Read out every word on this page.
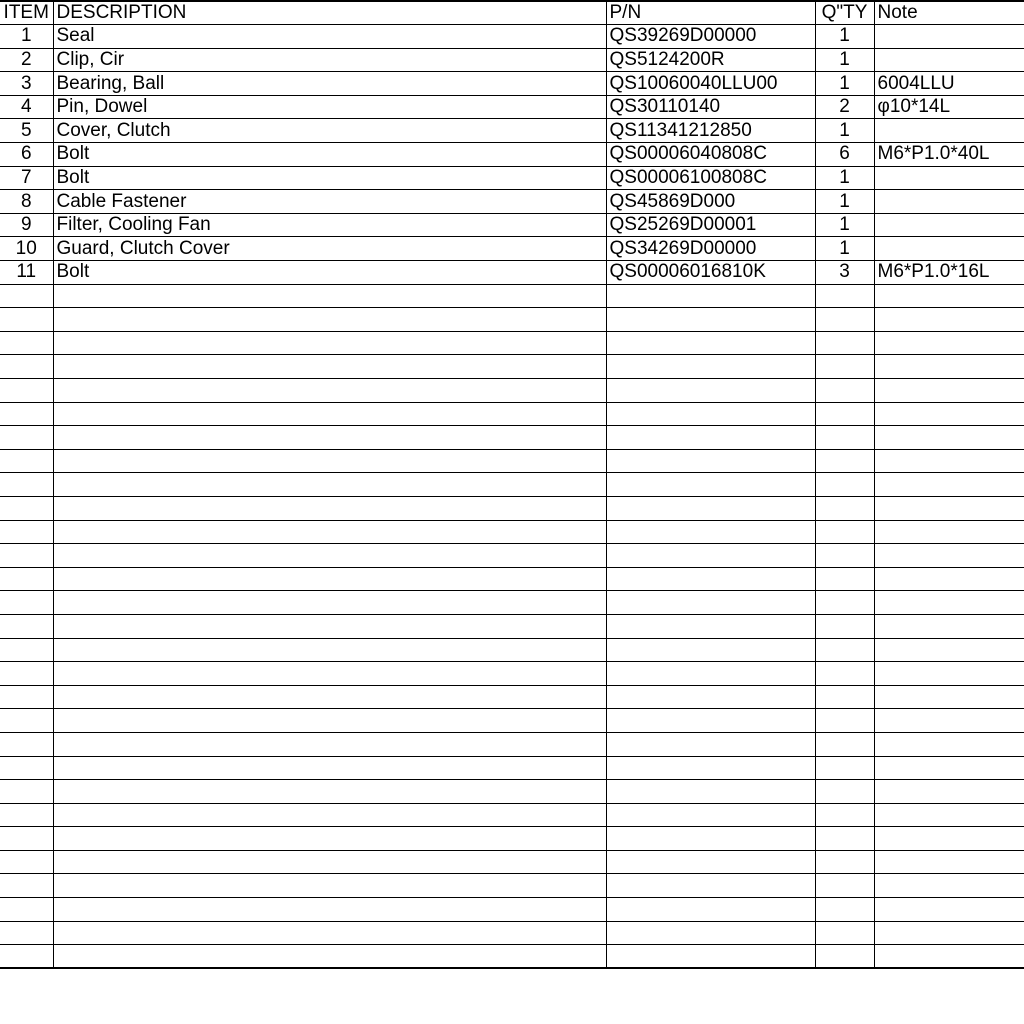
ITEM	DESCRIPTION	P/N	Q"TY	Note
1	Seal	QS39269D00000	1	
2	Clip, Cir	QS5124200R	1	
3	Bearing, Ball	QS10060040LLU00	1	6004LLU
4	Pin, Dowel	QS30110140	2	φ10*14L
5	Cover, Clutch	QS11341212850	1	
6	Bolt	QS00006040808C	6	M6*P1.0*40L
7	Bolt	QS00006100808C	1	
8	Cable Fastener	QS45869D000	1	
9	Filter, Cooling Fan	QS25269D00001	1	
10	Guard, Clutch Cover	QS34269D00000	1	
11	Bolt	QS00006016810K	3	M6*P1.0*16L
